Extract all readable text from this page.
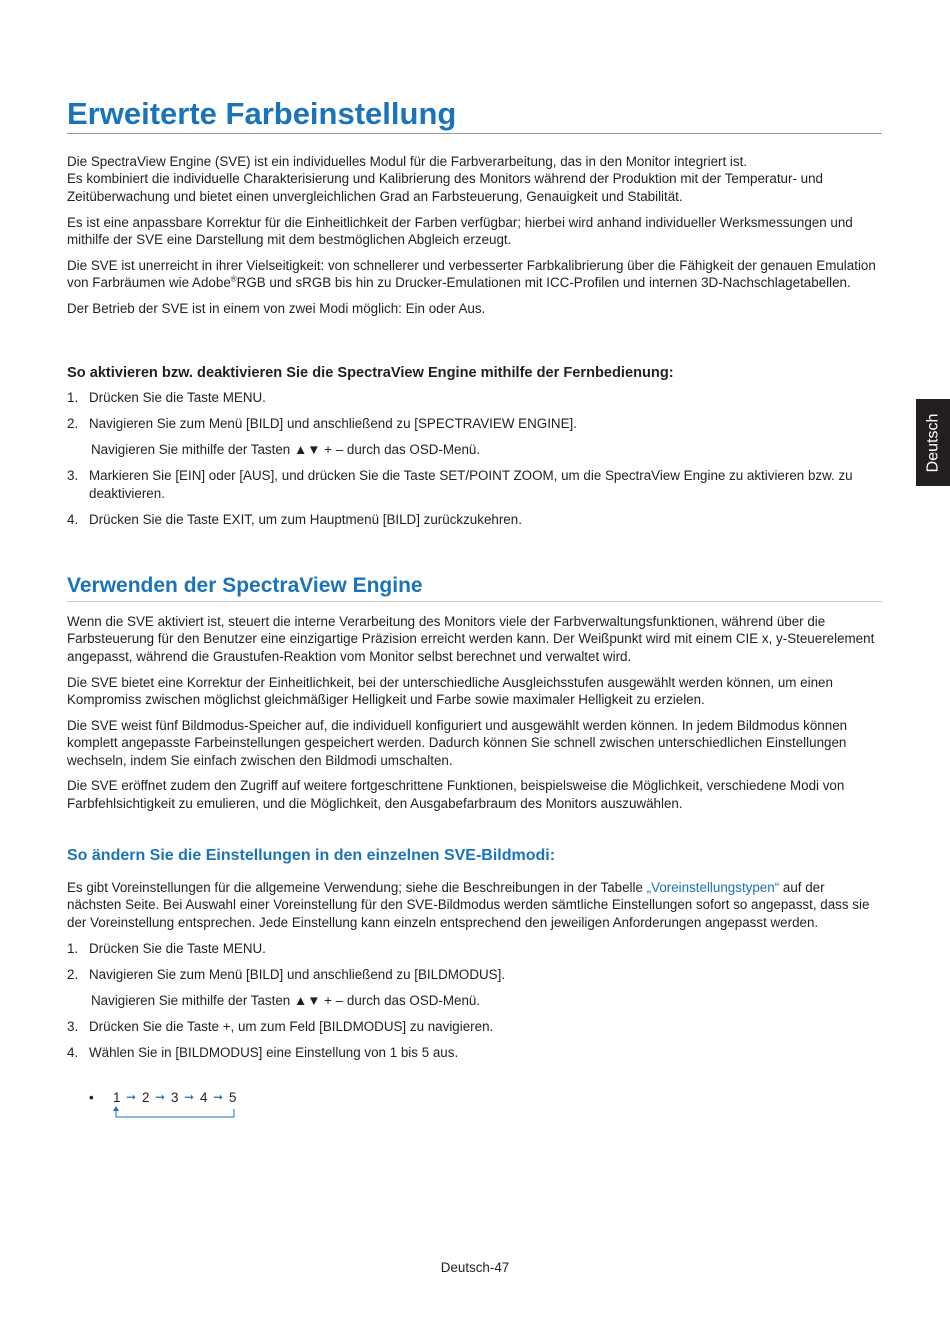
Erweiterte Farbeinstellung

Die SpectraView Engine (SVE) ist ein individuelles Modul für die Farbverarbeitung, das in den Monitor integriert ist.
Es kombiniert die individuelle Charakterisierung und Kalibrierung des Monitors während der Produktion mit der Temperatur- und Zeitüberwachung und bietet einen unvergleichlichen Grad an Farbsteuerung, Genauigkeit und Stabilität.

Es ist eine anpassbare Korrektur für die Einheitlichkeit der Farben verfügbar; hierbei wird anhand individueller Werksmessungen und mithilfe der SVE eine Darstellung mit dem bestmöglichen Abgleich erzeugt.

Die SVE ist unerreicht in ihrer Vielseitigkeit: von schnellerer und verbesserter Farbkalibrierung über die Fähigkeit der genauen Emulation von Farbräumen wie Adobe®RGB und sRGB bis hin zu Drucker-Emulationen mit ICC-Profilen und internen 3D-Nachschlagetabellen.

Der Betrieb der SVE ist in einem von zwei Modi möglich: Ein oder Aus.

So aktivieren bzw. deaktivieren Sie die SpectraView Engine mithilfe der Fernbedienung:
1. Drücken Sie die Taste MENU.
2. Navigieren Sie zum Menü [BILD] und anschließend zu [SPECTRAVIEW ENGINE].
Navigieren Sie mithilfe der Tasten ▲▼ + – durch das OSD-Menü.
3. Markieren Sie [EIN] oder [AUS], und drücken Sie die Taste SET/POINT ZOOM, um die SpectraView Engine zu aktivieren bzw. zu deaktivieren.
4. Drücken Sie die Taste EXIT, um zum Hauptmenü [BILD] zurückzukehren.
Verwenden der SpectraView Engine

Wenn die SVE aktiviert ist, steuert die interne Verarbeitung des Monitors viele der Farbverwaltungsfunktionen, während über die Farbsteuerung für den Benutzer eine einzigartige Präzision erreicht werden kann. Der Weißpunkt wird mit einem CIE x, y-Steuerelement angepasst, während die Graustufen-Reaktion vom Monitor selbst berechnet und verwaltet wird.

Die SVE bietet eine Korrektur der Einheitlichkeit, bei der unterschiedliche Ausgleichsstufen ausgewählt werden können, um einen Kompromiss zwischen möglichst gleichmäßiger Helligkeit und Farbe sowie maximaler Helligkeit zu erzielen.

Die SVE weist fünf Bildmodus-Speicher auf, die individuell konfiguriert und ausgewählt werden können. In jedem Bildmodus können komplett angepasste Farbeinstellungen gespeichert werden. Dadurch können Sie schnell zwischen unterschiedlichen Einstellungen wechseln, indem Sie einfach zwischen den Bildmodi umschalten.

Die SVE eröffnet zudem den Zugriff auf weitere fortgeschrittene Funktionen, beispielsweise die Möglichkeit, verschiedene Modi von Farbfehlsichtigkeit zu emulieren, und die Möglichkeit, den Ausgabefarbraum des Monitors auszuwählen.

So ändern Sie die Einstellungen in den einzelnen SVE-Bildmodi:

Es gibt Voreinstellungen für die allgemeine Verwendung; siehe die Beschreibungen in der Tabelle „Voreinstellungstypen“ auf der nächsten Seite. Bei Auswahl einer Voreinstellung für den SVE-Bildmodus werden sämtliche Einstellungen sofort so angepasst, dass sie der Voreinstellung entsprechen. Jede Einstellung kann einzeln entsprechend den jeweiligen Anforderungen angepasst werden.

1. Drücken Sie die Taste MENU.
2. Navigieren Sie zum Menü [BILD] und anschließend zu [BILDMODUS].
Navigieren Sie mithilfe der Tasten ▲▼ + – durch das OSD-Menü.
3. Drücken Sie die Taste +, um zum Feld [BILDMODUS] zu navigieren.
4. Wählen Sie in [BILDMODUS] eine Einstellung von 1 bis 5 aus.
• 1 ➞ 2 ➞ 3 ➞ 4 ➞ 5
Deutsch
Deutsch-47
